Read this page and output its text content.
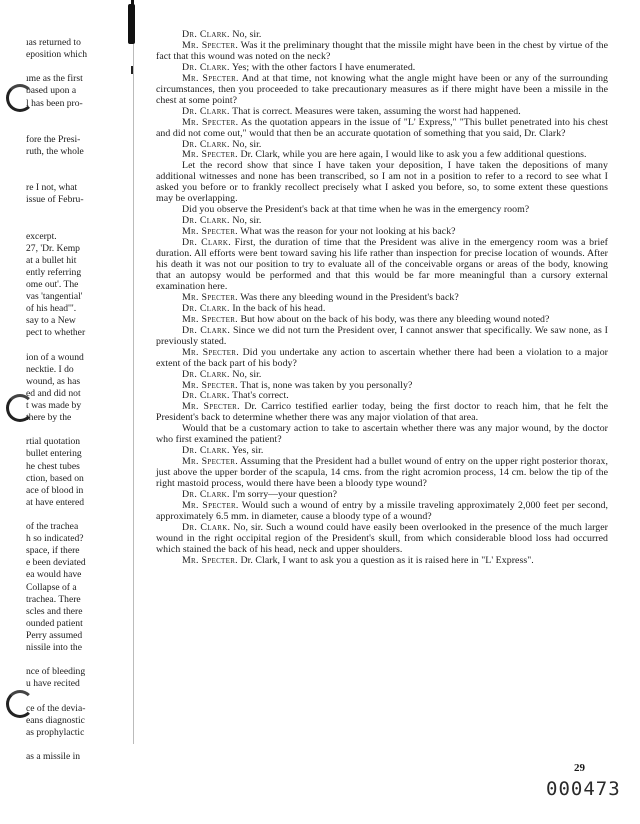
ıas returned to
eposition which
ıme as the first
based upon a
l has been pro-
fore the Presi-
ruth, the whole
re I not, what
issue of Febru-
excerpt.
27, 'Dr. Kemp
at a bullet hit
ently referring
ome out'. The
vas 'tangential'
of his head'".
say to a New
pect to whether
ion of a wound
necktie. I do
wound, as has
ed and did not
t was made by
there by the
rtial quotation
bullet entering
he chest tubes
ction, based on
ace of blood in
at have entered
of the trachea
h so indicated?
space, if there
e been deviated
ea would have
Collapse of a
trachea. There
scles and there
ounded patient
Perry assumed
nissile into the
nce of bleeding
u have recited
ce of the devia-
eans diagnostic
as prophylactic
as a missile in

Dr. Clark. No, sir.

Mr. Specter. Was it the preliminary thought that the missile might have been in the chest by virtue of the fact that this wound was noted on the neck?

Dr. Clark. Yes; with the other factors I have enumerated.

Mr. Specter. And at that time, not knowing what the angle might have been or any of the surrounding circumstances, then you proceeded to take precautionary measures as if there might have been a missile in the chest at some point?

Dr. Clark. That is correct. Measures were taken, assuming the worst had happened.

Mr. Specter. As the quotation appears in the issue of "L' Express," "This bullet penetrated into his chest and did not come out," would that then be an accurate quotation of something that you said, Dr. Clark?

Dr. Clark. No, sir.

Mr. Specter. Dr. Clark, while you are here again, I would like to ask you a few additional questions.

Let the record show that since I have taken your deposition, I have taken the depositions of many additional witnesses and none has been transcribed, so I am not in a position to refer to a record to see what I asked you before or to frankly recollect precisely what I asked you before, so, to some extent these questions may be overlapping.

Did you observe the President's back at that time when he was in the emergency room?

Dr. Clark. No, sir.

Mr. Specter. What was the reason for your not looking at his back?

Dr. Clark. First, the duration of time that the President was alive in the emergency room was a brief duration. All efforts were bent toward saving his life rather than inspection for precise location of wounds. After his death it was not our position to try to evaluate all of the conceivable organs or areas of the body, knowing that an autopsy would be performed and that this would be far more meaningful than a cursory external examination here.

Mr. Specter. Was there any bleeding wound in the President's back?

Dr. Clark. In the back of his head.

Mr. Specter. But how about on the back of his body, was there any bleeding wound noted?

Dr. Clark. Since we did not turn the President over, I cannot answer that specifically. We saw none, as I previously stated.

Mr. Specter. Did you undertake any action to ascertain whether there had been a violation to a major extent of the back part of his body?

Dr. Clark. No, sir.

Mr. Specter. That is, none was taken by you personally?

Dr. Clark. That's correct.

Mr. Specter. Dr. Carrico testified earlier today, being the first doctor to reach him, that he felt the President's back to determine whether there was any major violation of that area.

Would that be a customary action to take to ascertain whether there was any major wound, by the doctor who first examined the patient?

Dr. Clark. Yes, sir.

Mr. Specter. Assuming that the President had a bullet wound of entry on the upper right posterior thorax, just above the upper border of the scapula, 14 cms. from the right acromion process, 14 cm. below the tip of the right mastoid process, would there have been a bloody type wound?

Dr. Clark. I'm sorry—your question?

Mr. Specter. Would such a wound of entry by a missile traveling approximately 2,000 feet per second, approximately 6.5 mm. in diameter, cause a bloody type of a wound?

Dr. Clark. No, sir. Such a wound could have easily been overlooked in the presence of the much larger wound in the right occipital region of the President's skull, from which considerable blood loss had occurred which stained the back of his head, neck and upper shoulders.

Mr. Specter. Dr. Clark, I want to ask you a question as it is raised here in "L' Express".

29
000473
